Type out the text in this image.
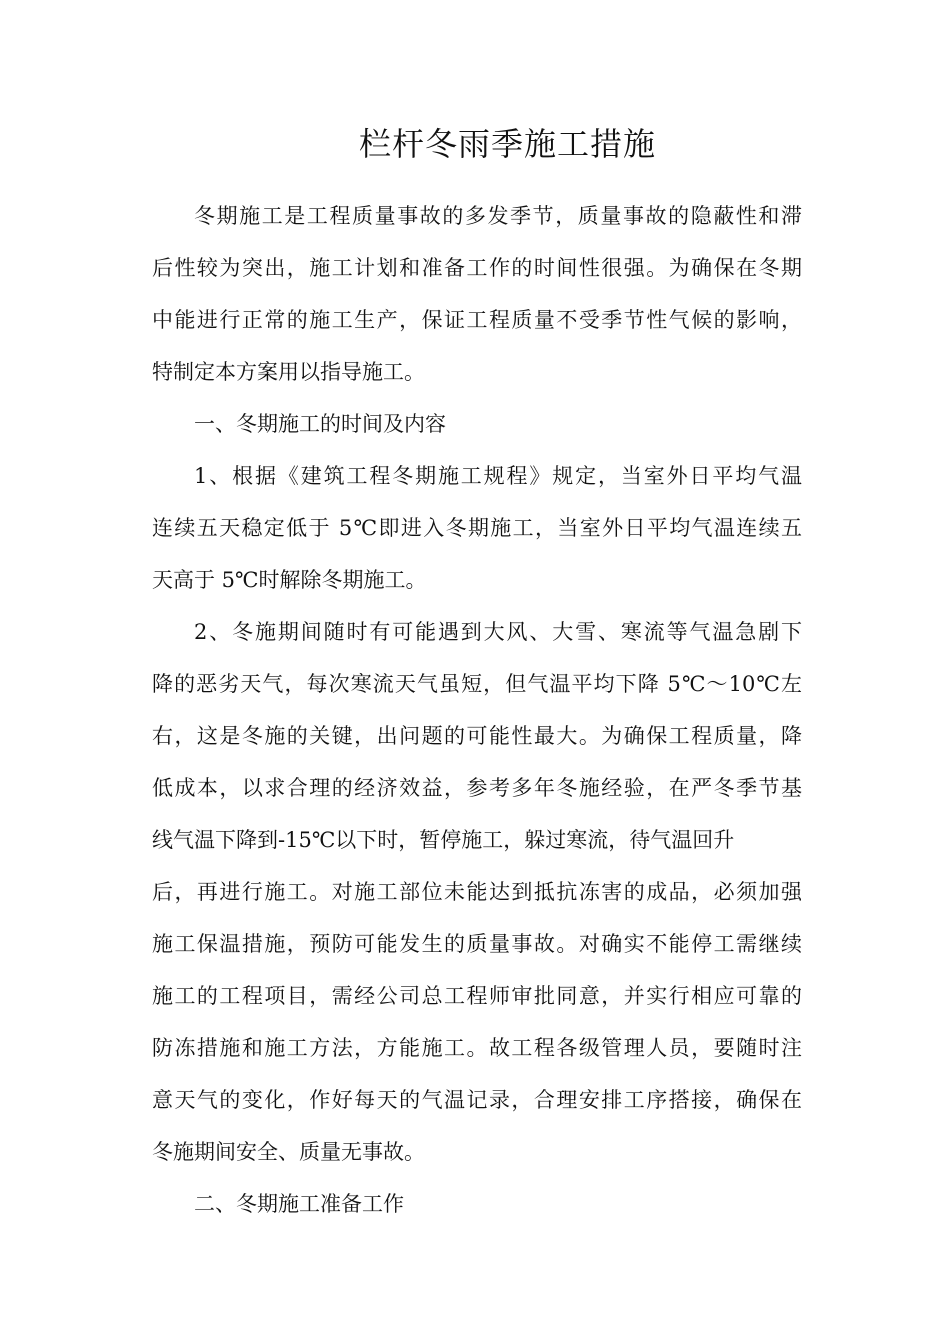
栏杆冬雨季施工措施
冬期施工是工程质量事故的多发季节，质量事故的隐蔽性和滞
后性较为突出，施工计划和准备工作的时间性很强。为确保在冬期
中能进行正常的施工生产，保证工程质量不受季节性气候的影响，
特制定本方案用以指导施工。
一、冬期施工的时间及内容
1、根据《建筑工程冬期施工规程》规定，当室外日平均气温
连续五天稳定低于 5℃即进入冬期施工，当室外日平均气温连续五
天高于 5℃时解除冬期施工。
2、冬施期间随时有可能遇到大风、大雪、寒流等气温急剧下
降的恶劣天气，每次寒流天气虽短，但气温平均下降 5℃～10℃左
右，这是冬施的关键，出问题的可能性最大。为确保工程质量，降
低成本，以求合理的经济效益，参考多年冬施经验，在严冬季节基
线气温下降到-15℃以下时，暂停施工，躲过寒流，待气温回升
后，再进行施工。对施工部位未能达到抵抗冻害的成品，必须加强
施工保温措施，预防可能发生的质量事故。对确实不能停工需继续
施工的工程项目，需经公司总工程师审批同意，并实行相应可靠的
防冻措施和施工方法，方能施工。故工程各级管理人员，要随时注
意天气的变化，作好每天的气温记录，合理安排工序搭接，确保在
冬施期间安全、质量无事故。
二、冬期施工准备工作
